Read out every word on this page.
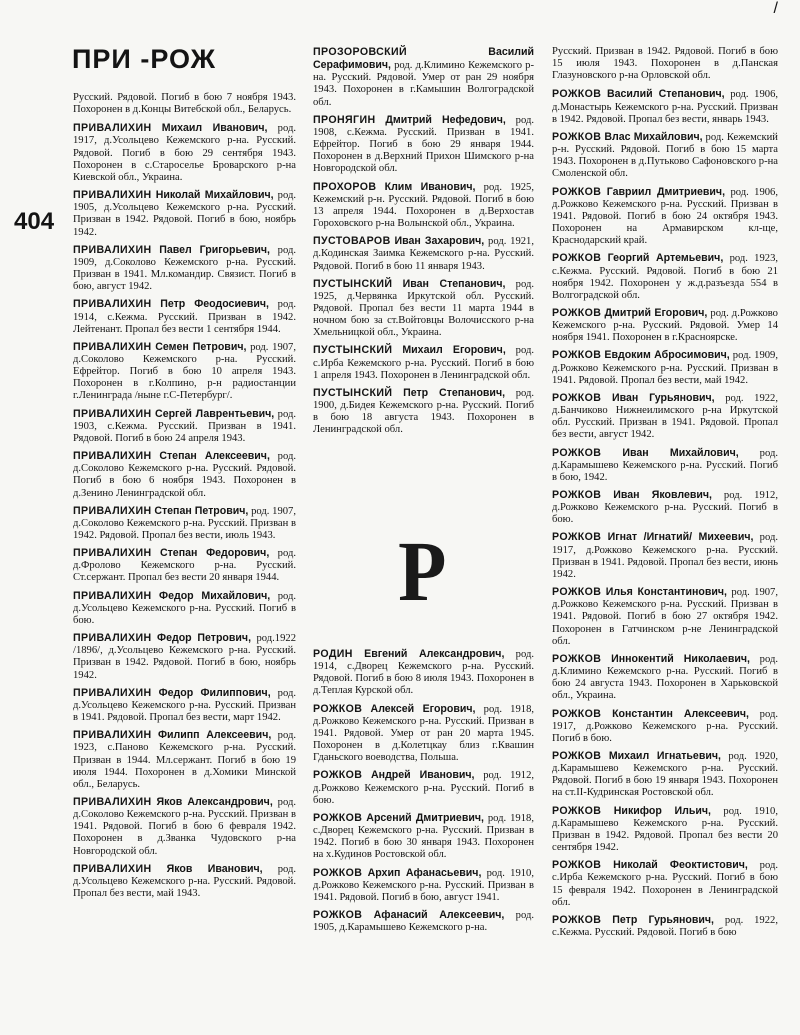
/
ПРИ -РОЖ
404
Русский. Рядовой. Погиб в бою 7 ноября 1943. Похоронен в д.Концы Витебской обл., Беларусь.
ПРИВАЛИХИН Михаил Иванович, род. 1917, д.Усольцево Кежемского р-на. Русский. Рядовой. Погиб в бою 29 сентября 1943. Похоронен в с.Староселье Броварского р-на Киевской обл., Украина.
ПРИВАЛИХИН Николай Михайлович, род. 1905, д.Усольцево Кежемского р-на. Русский. Призван в 1942. Рядовой. Погиб в бою, ноябрь 1942.
ПРИВАЛИХИН Павел Григорьевич, род. 1909, д.Соколово Кежемского р-на. Русский. Призван в 1941. Мл.командир. Связист. Погиб в бою, август 1942.
ПРИВАЛИХИН Петр Феодосиевич, род. 1914, с.Кежма. Русский. Призван в 1942. Лейтенант. Пропал без вести 1 сентября 1944.
ПРИВАЛИХИН Семен Петрович, род. 1907, д.Соколово Кежемского р-на. Русский. Ефрейтор. Погиб в бою 10 апреля 1943. Похоронен в г.Колпино, р-н радиостанции г.Ленинграда /ныне г.С-Петербург/.
ПРИВАЛИХИН Сергей Лаврентьевич, род. 1903, с.Кежма. Русский. Призван в 1941. Рядовой. Погиб в бою 24 апреля 1943.
ПРИВАЛИХИН Степан Алексеевич, род. д.Соколово Кежемского р-на. Русский. Рядовой. Погиб в бою 6 ноября 1943. Похоронен в д.Зенино Ленинградской обл.
ПРИВАЛИХИН Степан Петрович, род. 1907, д.Соколово Кежемского р-на. Русский. Призван в 1942. Рядовой. Пропал без вести, июль 1943.
ПРИВАЛИХИН Степан Федорович, род. д.Фролово Кежемского р-на. Русский. Ст.сержант. Пропал без вести 20 января 1944.
ПРИВАЛИХИН Федор Михайлович, род. д.Усольцево Кежемского р-на. Русский. Погиб в бою.
ПРИВАЛИХИН Федор Петрович, род.1922 /1896/, д.Усольцево Кежемского р-на. Русский. Призван в 1942. Рядовой. Погиб в бою, ноябрь 1942.
ПРИВАЛИХИН Федор Филиппович, род. д.Усольцево Кежемского р-на. Русский. Призван в 1941. Рядовой. Пропал без вести, март 1942.
ПРИВАЛИХИН Филипп Алексеевич, род. 1923, с.Паново Кежемского р-на. Русский. Призван в 1944. Мл.сержант. Погиб в бою 19 июля 1944. Похоронен в д.Хомики Минской обл., Беларусь.
ПРИВАЛИХИН Яков Александрович, род. д.Соколово Кежемского р-на. Русский. Призван в 1941. Рядовой. Погиб в бою 6 февраля 1942. Похоронен в д.Званка Чудовского р-на Новгородской обл.
ПРИВАЛИХИН Яков Иванович, род. д.Усольцево Кежемского р-на. Русский. Рядовой. Пропал без вести, май 1943.
ПРОЗОРОВСКИЙ	Василий Серафимович, род. д.Климино Кежемского р-на. Русский. Рядовой. Умер от ран 29 ноября 1943. Похоронен в г.Камышин Волгоградской обл.
ПРОНЯГИН Дмитрий Нефедович, род. 1908, с.Кежма. Русский. Призван в 1941. Ефрейтор. Погиб в бою 29 января 1944. Похоронен в д.Верхний Прихон Шимского р-на Новгородской обл.
ПРОХОРОВ Клим Иванович, род. 1925, Кежемский р-н. Русский. Рядовой. Погиб в бою 13 апреля 1944. Похоронен в д.Верхостав Гороховского р-на Волынской обл., Украина.
ПУСТОВАРОВ Иван Захарович, род. 1921, д.Кодинская Заимка Кежемского р-на. Русский. Рядовой. Погиб в бою 11 января 1943.
ПУСТЫНСКИЙ Иван Степанович, род. 1925, д.Червянка Иркутской обл. Русский. Рядовой. Пропал без вести 11 марта 1944 в ночном бою за ст.Войтовцы Волочисского р-на Хмельницкой обл., Украина.
ПУСТЫНСКИЙ Михаил Егорович, род. с.Ирба Кежемского р-на. Русский. Погиб в бою 1 апреля 1943. Похоронен в Ленинградской обл.
ПУСТЫНСКИЙ Петр Степанович, род. 1900, д.Бидея Кежемского р-на. Русский. Погиб в бою 18 августа 1943. Похоронен в Ленинградской обл.
Р
РОДИН Евгений Александрович, род. 1914, с.Дворец Кежемского р-на. Русский. Рядовой. Погиб в бою 8 июля 1943. Похоронен в д.Теплая Курской обл.
РОЖКОВ Алексей Егорович, род. 1918, д.Рожково Кежемского р-на. Русский. Призван в 1941. Рядовой. Умер от ран 20 марта 1945. Похоронен в д.Колетцкау близ г.Квашин Гданьского воеводства, Польша.
РОЖКОВ Андрей Иванович, род. 1912, д.Рожково Кежемского р-на. Русский. Погиб в бою.
РОЖКОВ Арсений Дмитриевич, род. 1918, с.Дворец Кежемского р-на. Русский. Призван в 1942. Погиб в бою 30 января 1943. Похоронен на х.Кудинов Ростовской обл.
РОЖКОВ Архип Афанасьевич, род. 1910, д.Рожково Кежемского р-на. Русский. Призван в 1941. Рядовой. Погиб в бою, август 1941.
РОЖКОВ Афанасий Алексеевич, род. 1905, д.Карамышево Кежемского р-на.
Русский. Призван в 1942. Рядовой. Погиб в бою 15 июля 1943. Похоронен в д.Панская Глазуновского р-на Орловской обл.
РОЖКОВ Василий Степанович, род. 1906, д.Монастырь Кежемского р-на. Русский. Призван в 1942. Рядовой. Пропал без вести, январь 1943.
РОЖКОВ Влас Михайлович, род. Кежемский р-н. Русский. Рядовой. Погиб в бою 15 марта 1943. Похоронен в д.Путьково Сафоновского р-на Смоленской обл.
РОЖКОВ Гавриил Дмитриевич, род. 1906, д.Рожково Кежемского р-на. Русский. Призван в 1941. Рядовой. Погиб в бою 24 октября 1943. Похоронен на Армавирском кл-ще, Краснодарский край.
РОЖКОВ Георгий Артемьевич, род. 1923, с.Кежма. Русский. Рядовой. Погиб в бою 21 ноября 1942. Похоронен у ж.д.разъезда 554 в Волгоградской обл.
РОЖКОВ Дмитрий Егорович, род. д.Рожково Кежемского р-на. Русский. Рядовой. Умер 14 ноября 1941. Похоронен в г.Красноярске.
РОЖКОВ Евдоким Абросимович, род. 1909, д.Рожково Кежемского р-на. Русский. Призван в 1941. Рядовой. Пропал без вести, май 1942.
РОЖКОВ Иван Гурьянович, род. 1922, д.Банчиково Нижнеилимского р-на Иркутской обл. Русский. Призван в 1941. Рядовой. Пропал без вести, август 1942.
РОЖКОВ Иван Михайлович, род. д.Карамышево Кежемского р-на. Русский. Погиб в бою, 1942.
РОЖКОВ Иван Яковлевич, род. 1912, д.Рожково Кежемского р-на. Русский. Погиб в бою.
РОЖКОВ Игнат /Игнатий/ Михеевич, род. 1917, д.Рожково Кежемского р-на. Русский. Призван в 1941. Рядовой. Пропал без вести, июнь 1942.
РОЖКОВ Илья Константинович, род. 1907, д.Рожково Кежемского р-на. Русский. Призван в 1941. Рядовой. Погиб в бою 27 октября 1942. Похоронен в Гатчинском р-не Ленинградской обл.
РОЖКОВ Иннокентий Николаевич, род. д.Климино Кежемского р-на. Русский. Погиб в бою 24 августа 1943. Похоронен в Харьковской обл., Украина.
РОЖКОВ Константин Алексеевич, род. 1917, д.Рожково Кежемского р-на. Русский. Погиб в бою.
РОЖКОВ Михаил Игнатьевич, род. 1920, д.Карамышево Кежемского р-на. Русский. Рядовой. Погиб в бою 19 января 1943. Похоронен на ст.II-Кудринская Ростовской обл.
РОЖКОВ Никифор Ильич, род. 1910, д.Карамышево Кежемского р-на. Русский. Призван в 1942. Рядовой. Пропал без вести 20 сентября 1942.
РОЖКОВ Николай Феоктистович, род. с.Ирба Кежемского р-на. Русский. Погиб в бою 15 февраля 1942. Похоронен в Ленинградской обл.
РОЖКОВ Петр Гурьянович, род. 1922, с.Кежма. Русский. Рядовой. Погиб в бою
